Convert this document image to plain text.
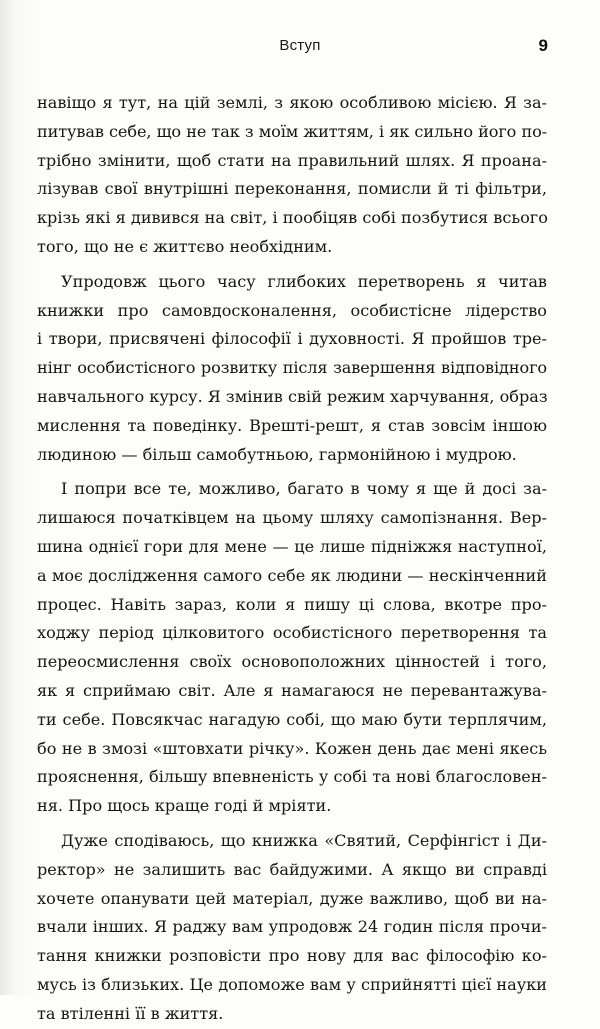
Вступ	9
навіщо я тут, на цій землі, з якою особливою місією. Я за-
питував себе, що не так з моїм життям, і як сильно його по-
трібно змінити, щоб стати на правильний шлях. Я проана-
лізував свої внутрішні переконання, помисли й ті фільтри,
крізь які я дивився на світ, і пообіцяв собі позбутися всього
того, що не є життєво необхідним.
Упродовж цього часу глибоких перетворень я читав
книжки про самовдосконалення, особистісне лідерство
і твори, присвячені філософії і духовності. Я пройшов тре-
нінг особистісного розвитку після завершення відповідного
навчального курсу. Я змінив свій режим харчування, образ
мислення та поведінку. Врешті-решт, я став зовсім іншою
людиною — більш самобутньою, гармонійною і мудрою.
І попри все те, можливо, багато в чому я ще й досі за-
лишаюся початківцем на цьому шляху самопізнання. Вер-
шина однієї гори для мене — це лише підніжжя наступної,
а моє дослідження самого себе як людини — нескінченний
процес. Навіть зараз, коли я пишу ці слова, вкотре про-
ходжу період цілковитого особистісного перетворення та
переосмислення своїх основоположних цінностей і того,
як я сприймаю світ. Але я намагаюся не перевантажува-
ти себе. Повсякчас нагадую собі, що маю бути терплячим,
бо не в змозі «штовхати річку». Кожен день дає мені якесь
прояснення, більшу впевненість у собі та нові благословен-
ня. Про щось краще годі й мріяти.
Дуже сподіваюсь, що книжка «Святий, Серфінгіст і Ди-
ректор» не залишить вас байдужими. А якщо ви справді
хочете опанувати цей матеріал, дуже важливо, щоб ви на-
вчали інших. Я раджу вам упродовж 24 годин після прочи-
тання книжки розповісти про нову для вас філософію ко-
мусь із близьких. Це допоможе вам у сприйнятті цієї науки
та втіленні її в життя.
